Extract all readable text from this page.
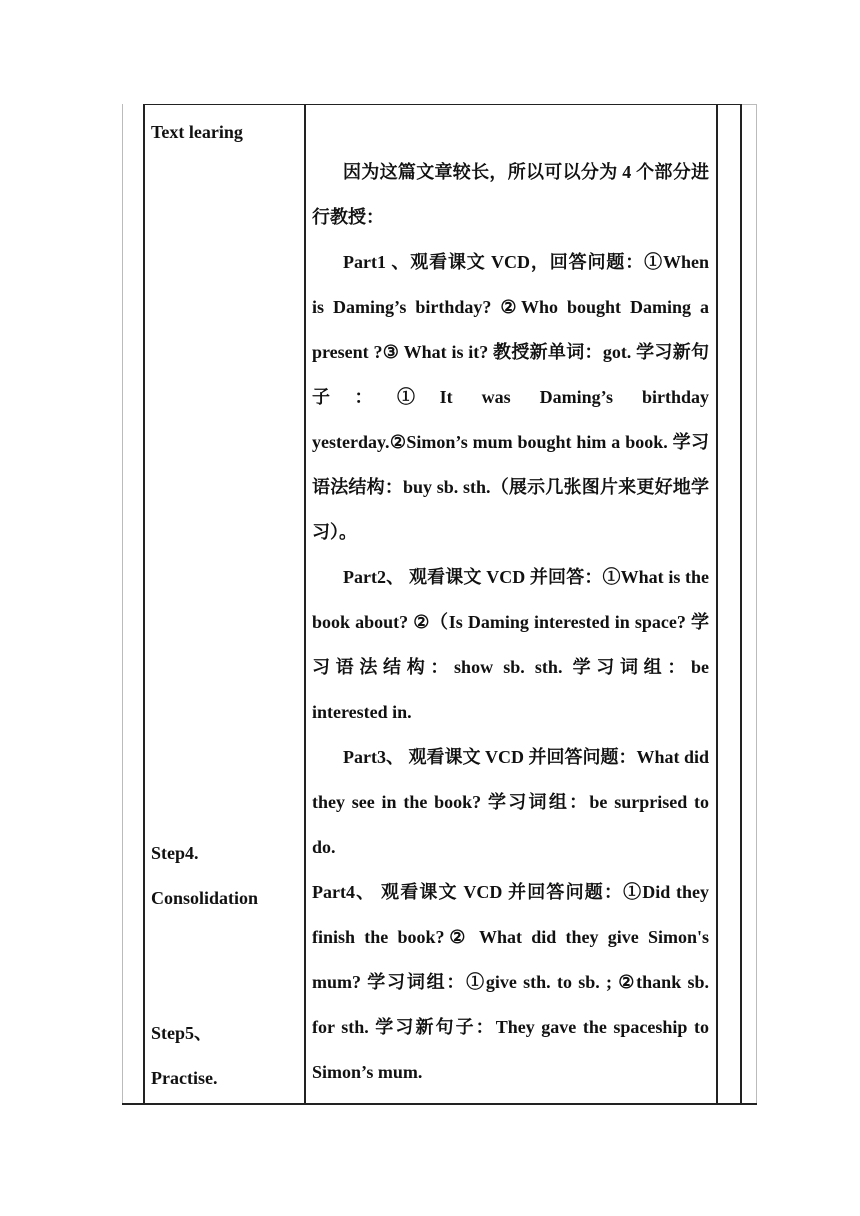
Text learing
Step4.
Consolidation
Step5、
Practise.

因为这篇文章较长，所以可以分为 4 个部分进行教授：

Part1 、观看课文 VCD，回答问题：①When is Daming’s birthday? ②Who bought Daming a present ?③ What is it? 教授新单词：got. 学习新句子：①It was Daming’s birthday yesterday.②Simon’s mum bought him a book. 学习语法结构：buy sb. sth.（展示几张图片来更好地学习）。

Part2、 观看课文 VCD 并回答：①What is the book about? ②（Is Daming interested in space? 学习语法结构：show sb. sth. 学习词组：be interested in.

Part3、 观看课文 VCD 并回答问题：What did they see in the book? 学习词组：be surprised to do.

Part4、 观看课文 VCD 并回答问题：①Did they finish the book?② What did they give Simon's mum? 学习词组：①give sth. to sb. ; ②thank sb. for sth. 学习新句子：They gave the spaceship to Simon’s mum.
